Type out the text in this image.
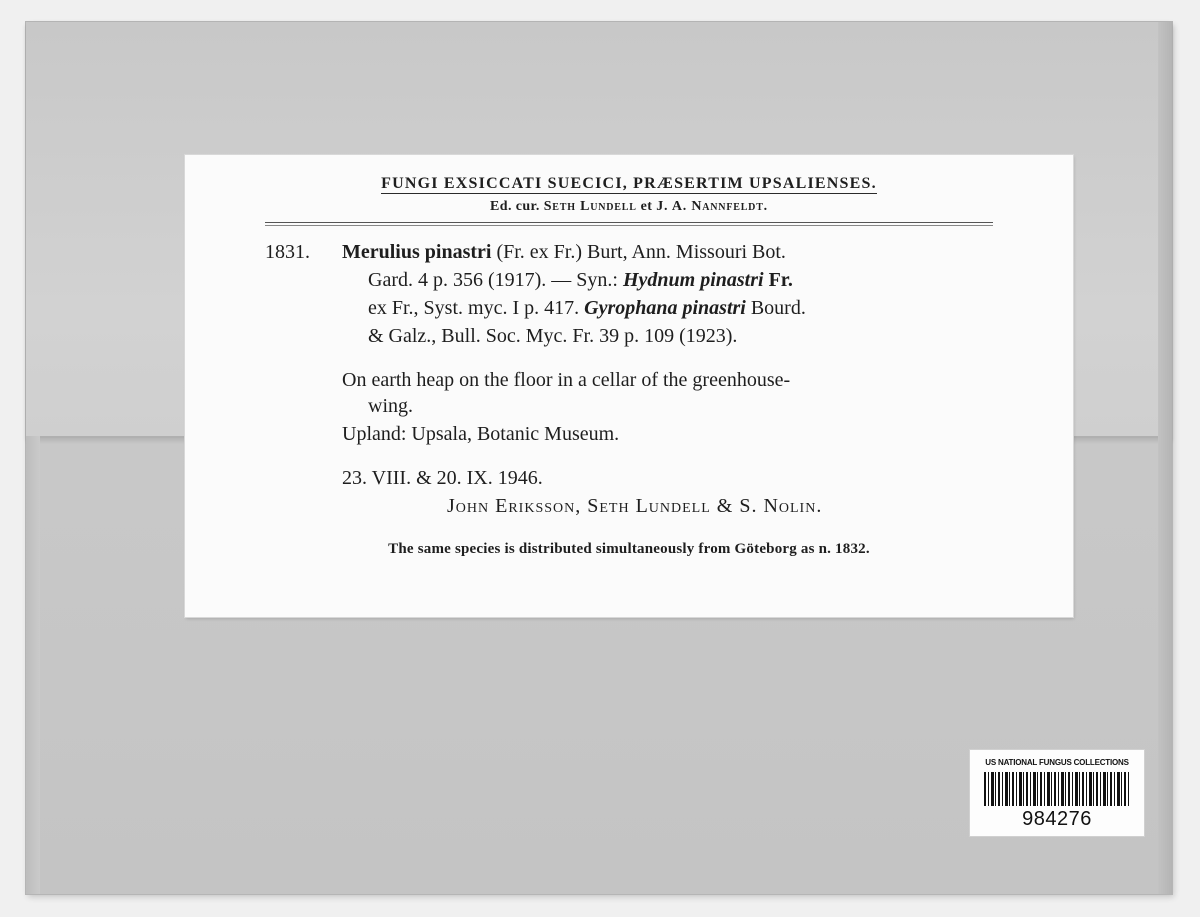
FUNGI EXSICCATI SUECICI, PRÆSERTIM UPSALIENSES.
Ed. cur. Seth Lundell et J. A. Nannfeldt.
1831. Merulius pinastri (Fr. ex Fr.) Burt, Ann. Missouri Bot.
Gard. 4 p. 356 (1917). — Syn.: Hydnum pinastri Fr.
ex Fr., Syst. myc. I p. 417. Gyrophana pinastri Bourd.
& Galz., Bull. Soc. Myc. Fr. 39 p. 109 (1923).
On earth heap on the floor in a cellar of the greenhouse-
wing.
Upland: Upsala, Botanic Museum.
23. VIII. & 20. IX. 1946.
John Eriksson, Seth Lundell & S. Nolin.
The same species is distributed simultaneously from Göteborg as n. 1832.
US NATIONAL FUNGUS COLLECTIONS
984276
